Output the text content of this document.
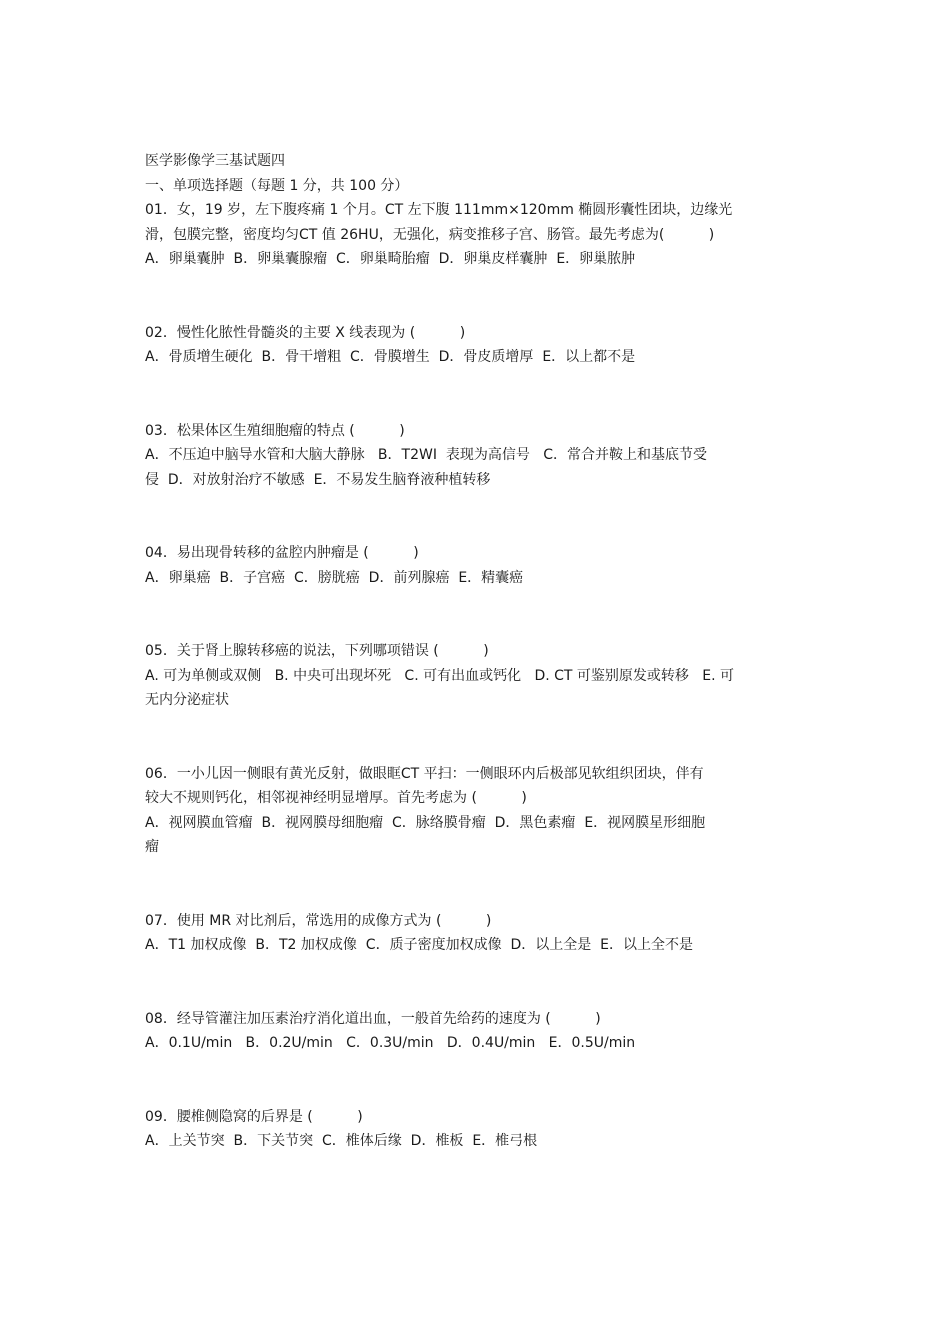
医学影像学三基试题四
一、单项选择题（每题 1 分，共 100 分）
01．女，19 岁，左下腹疼痛 1 个月。CT 左下腹 111mm×120mm 椭圆形囊性团块，边缘光
滑，包膜完整，密度均匀CT 值 26HU，无强化，病变推移子宫、肠管。最先考虑为(          )
A．卵巢囊肿  B．卵巢囊腺瘤  C．卵巢畸胎瘤  D．卵巢皮样囊肿  E．卵巢脓肿
02．慢性化脓性骨髓炎的主要 X 线表现为 (          )
A．骨质增生硬化  B．骨干增粗  C．骨膜增生  D．骨皮质增厚  E．以上都不是
03．松果体区生殖细胞瘤的特点 (          )
A．不压迫中脑导水管和大脑大静脉   B．T2WI  表现为高信号   C．常合并鞍上和基底节受
侵  D．对放射治疗不敏感  E．不易发生脑脊液种植转移
04．易出现骨转移的盆腔内肿瘤是 (          )
A．卵巢癌  B．子宫癌  C．膀胱癌  D．前列腺癌  E．精囊癌
05．关于肾上腺转移癌的说法，下列哪项错误 (          )
A. 可为单侧或双侧   B. 中央可出现坏死   C. 可有出血或钙化   D. CT 可鉴别原发或转移   E. 可
无内分泌症状
06．一小儿因一侧眼有黄光反射，做眼眶CT 平扫：一侧眼环内后极部见软组织团块，伴有
较大不规则钙化，相邻视神经明显增厚。首先考虑为 (          )
A．视网膜血管瘤  B．视网膜母细胞瘤  C．脉络膜骨瘤  D．黑色素瘤  E．视网膜星形细胞
瘤
07．使用 MR 对比剂后，常选用的成像方式为 (          )
A．T1 加权成像  B．T2 加权成像  C．质子密度加权成像  D．以上全是  E．以上全不是
08．经导管灌注加压素治疗消化道出血，一般首先给药的速度为 (          )
A．0.1U/min   B．0.2U/min   C．0.3U/min   D．0.4U/min   E．0.5U/min
09．腰椎侧隐窝的后界是 (          )
A．上关节突  B．下关节突  C．椎体后缘  D．椎板  E．椎弓根
